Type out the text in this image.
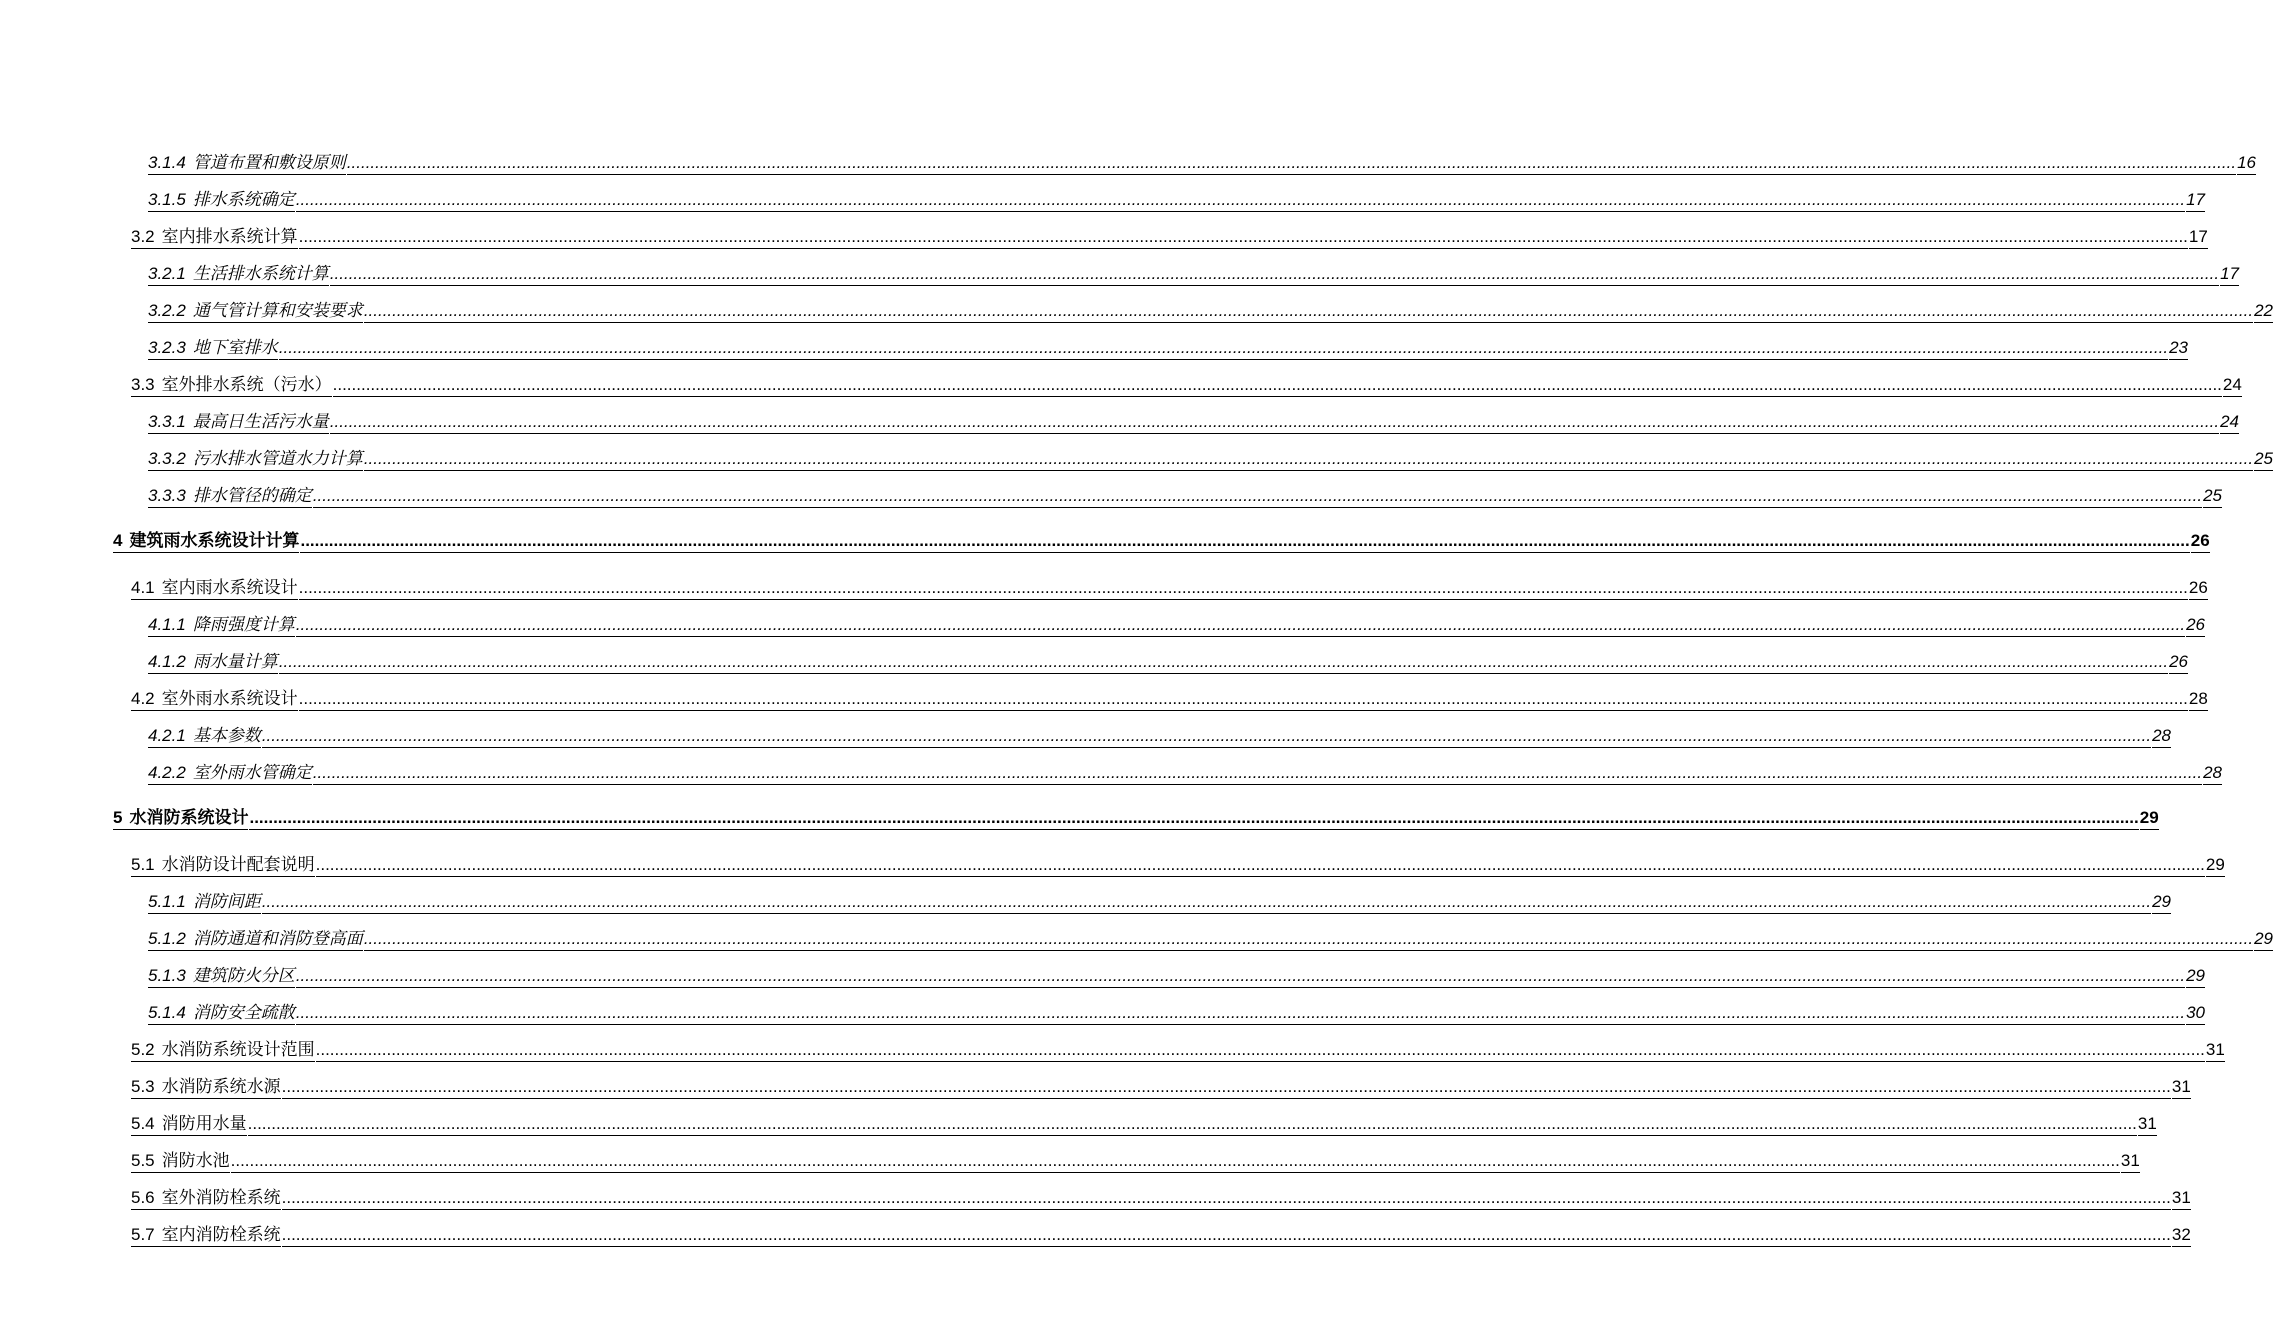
3.1.4 管道布置和敷设原则 ................................................................................................................................................................................................................................................................................................................................................................................................................ 16
3.1.5 排水系统确定 ................................................................................................................................................................................................................................................................................................................................................................................................................ 17
3.2 室内排水系统计算 ................................................................................................................................................................................................................................................................................................................................................................................................................ 17
3.2.1 生活排水系统计算 ................................................................................................................................................................................................................................................................................................................................................................................................................ 17
3.2.2 通气管计算和安装要求 ................................................................................................................................................................................................................................................................................................................................................................................................................ 22
3.2.3 地下室排水 ................................................................................................................................................................................................................................................................................................................................................................................................................ 23
3.3 室外排水系统（污水） ................................................................................................................................................................................................................................................................................................................................................................................................................ 24
3.3.1 最高日生活污水量 ................................................................................................................................................................................................................................................................................................................................................................................................................ 24
3.3.2 污水排水管道水力计算 ................................................................................................................................................................................................................................................................................................................................................................................................................ 25
3.3.3 排水管径的确定 ................................................................................................................................................................................................................................................................................................................................................................................................................ 25
4 建筑雨水系统设计计算 ................................................................................................................................................................................................................................................................................................................................................................................................................ 26
4.1 室内雨水系统设计 ................................................................................................................................................................................................................................................................................................................................................................................................................ 26
4.1.1 降雨强度计算 ................................................................................................................................................................................................................................................................................................................................................................................................................ 26
4.1.2 雨水量计算 ................................................................................................................................................................................................................................................................................................................................................................................................................ 26
4.2 室外雨水系统设计 ................................................................................................................................................................................................................................................................................................................................................................................................................ 28
4.2.1 基本参数 ................................................................................................................................................................................................................................................................................................................................................................................................................ 28
4.2.2 室外雨水管确定 ................................................................................................................................................................................................................................................................................................................................................................................................................ 28
5 水消防系统设计 ................................................................................................................................................................................................................................................................................................................................................................................................................ 29
5.1 水消防设计配套说明 ................................................................................................................................................................................................................................................................................................................................................................................................................ 29
5.1.1 消防间距 ................................................................................................................................................................................................................................................................................................................................................................................................................ 29
5.1.2 消防通道和消防登高面 ................................................................................................................................................................................................................................................................................................................................................................................................................ 29
5.1.3 建筑防火分区 ................................................................................................................................................................................................................................................................................................................................................................................................................ 29
5.1.4 消防安全疏散 ................................................................................................................................................................................................................................................................................................................................................................................................................ 30
5.2 水消防系统设计范围 ................................................................................................................................................................................................................................................................................................................................................................................................................ 31
5.3 水消防系统水源 ................................................................................................................................................................................................................................................................................................................................................................................................................ 31
5.4 消防用水量 ................................................................................................................................................................................................................................................................................................................................................................................................................ 31
5.5 消防水池 ................................................................................................................................................................................................................................................................................................................................................................................................................ 31
5.6 室外消防栓系统 ................................................................................................................................................................................................................................................................................................................................................................................................................ 31
5.7 室内消防栓系统 ................................................................................................................................................................................................................................................................................................................................................................................................................ 32
